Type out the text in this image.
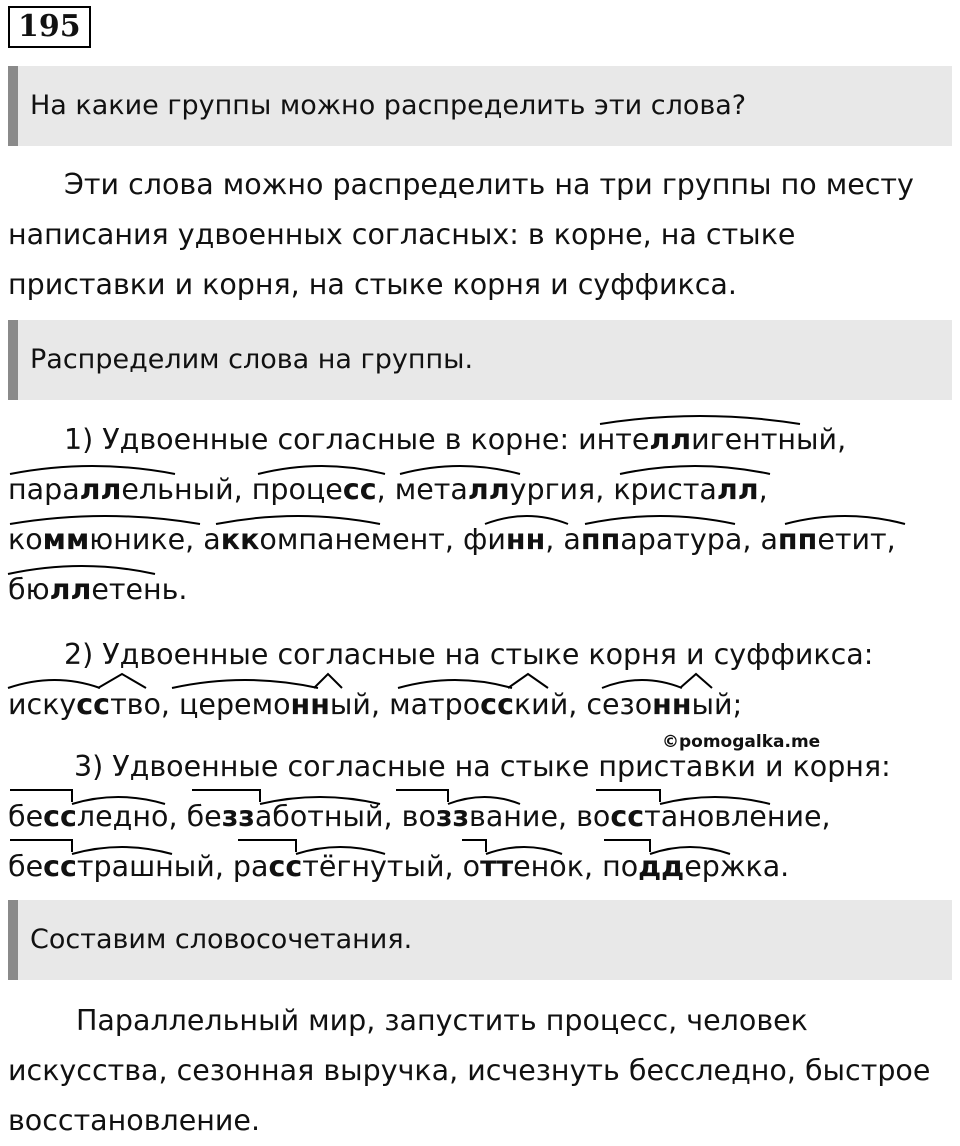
195
На какие группы можно распределить эти слова?
Эти слова можно распределить на три группы по месту
написания удвоенных согласных: в корне, на стыке
приставки и корня, на стыке корня и суффикса.
Распределим слова на группы.
1) Удвоенные согласные в корне: интеллигентный,
параллельный, процесс, металлургия, кристалл,
коммюнике, аккомпанемент, финн, аппаратура, аппетит,
бюллетень.
2) Удвоенные согласные на стыке корня и суффикса:
искусство, церемонный, матросский, сезонный;
©pomogalka.me
3) Удвоенные согласные на стыке приставки и корня:
бесследно, беззаботный, воззвание, восстановление,
бесстрашный, расстёгнутый, оттенок, поддержка.
Составим словосочетания.
Параллельный мир, запустить процесс, человек
искусства, сезонная выручка, исчезнуть бесследно, быстрое
восстановление.
